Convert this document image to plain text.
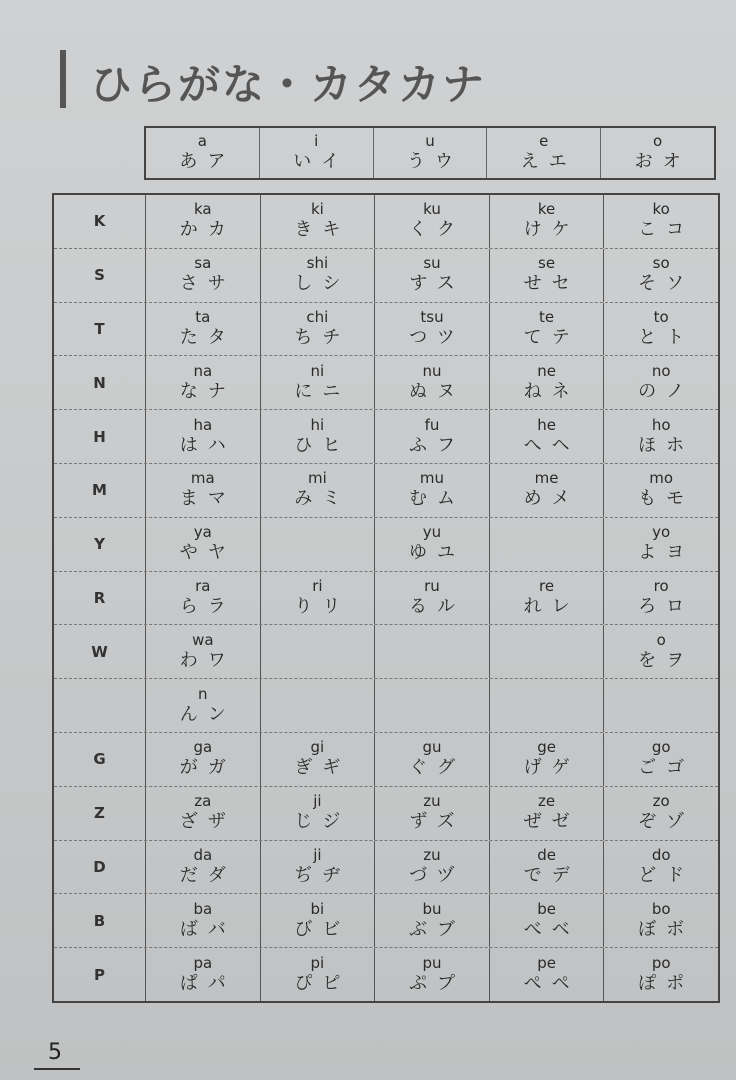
ひらがな・カタカナ
a
あア
i
いイ
u
うウ
e
えエ
o
おオ
K
ka
かカ
ki
きキ
ku
くク
ke
けケ
ko
こコ
S
sa
さサ
shi
しシ
su
すス
se
せセ
so
そソ
T
ta
たタ
chi
ちチ
tsu
つツ
te
てテ
to
とト
N
na
なナ
ni
にニ
nu
ぬヌ
ne
ねネ
no
のノ
H
ha
はハ
hi
ひヒ
fu
ふフ
he
へヘ
ho
ほホ
M
ma
まマ
mi
みミ
mu
むム
me
めメ
mo
もモ
Y
ya
やヤ
yu
ゆユ
yo
よヨ
R
ra
らラ
ri
りリ
ru
るル
re
れレ
ro
ろロ
W
wa
わワ
o
をヲ
n
んン
G
ga
がガ
gi
ぎギ
gu
ぐグ
ge
げゲ
go
ごゴ
Z
za
ざザ
ji
じジ
zu
ずズ
ze
ぜゼ
zo
ぞゾ
D
da
だダ
ji
ぢヂ
zu
づヅ
de
でデ
do
どド
B
ba
ばバ
bi
びビ
bu
ぶブ
be
べベ
bo
ぼボ
P
pa
ぱパ
pi
ぴピ
pu
ぷプ
pe
ぺペ
po
ぽポ
5
